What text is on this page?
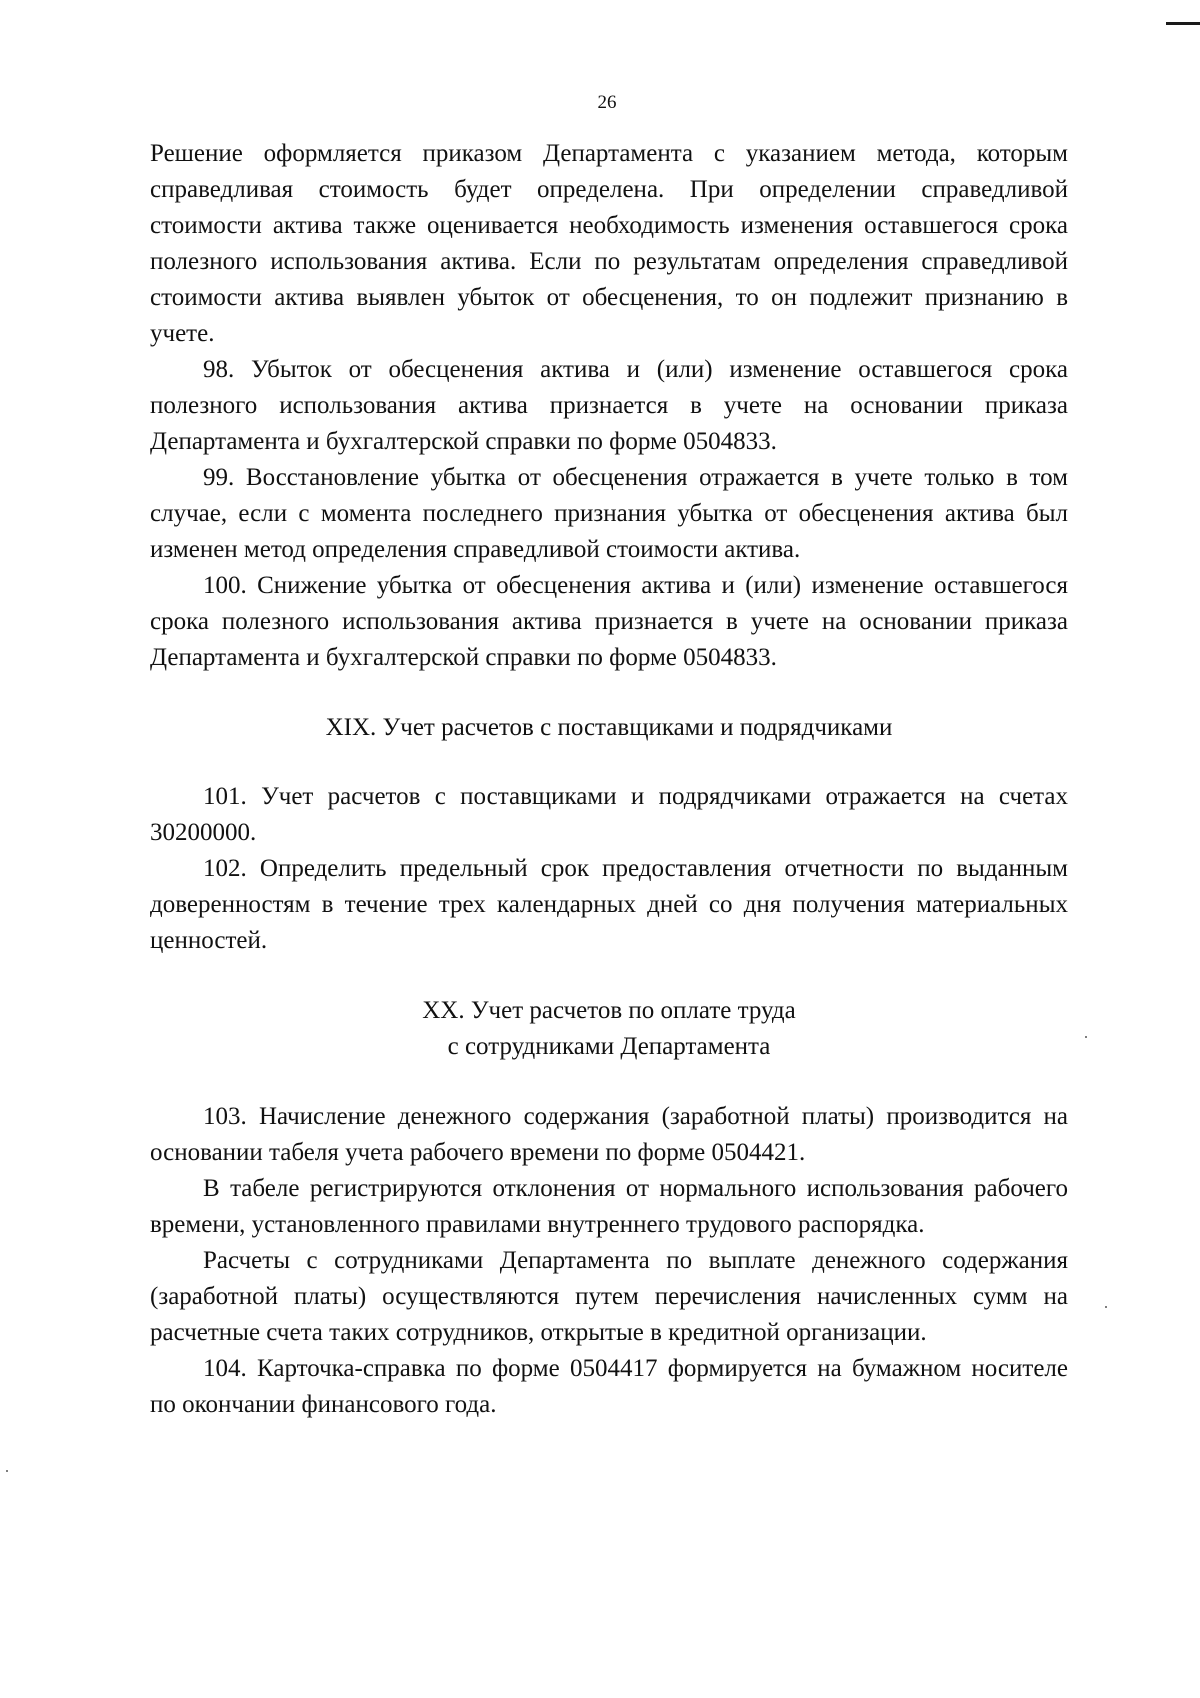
26

Решение оформляется приказом Департамента с указанием метода, которым справедливая стоимость будет определена. При определении справедливой стоимости актива также оценивается необходимость изменения оставшегося срока полезного использования актива. Если по результатам определения справедливой стоимости актива выявлен убыток от обесценения, то он подлежит признанию в учете.

98. Убыток от обесценения актива и (или) изменение оставшегося срока полезного использования актива признается в учете на основании приказа Департамента и бухгалтерской справки по форме 0504833.

99. Восстановление убытка от обесценения отражается в учете только в том случае, если с момента последнего признания убытка от обесценения актива был изменен метод определения справедливой стоимости актива.

100. Снижение убытка от обесценения актива и (или) изменение оставшегося срока полезного использования актива признается в учете на основании приказа Департамента и бухгалтерской справки по форме 0504833.

XIX. Учет расчетов с поставщиками и подрядчиками

101. Учет расчетов с поставщиками и подрядчиками отражается на счетах 30200000.

102. Определить предельный срок предоставления отчетности по выданным доверенностям в течение трех календарных дней со дня получения материальных ценностей.

XX. Учет расчетов по оплате труда
с сотрудниками Департамента

103. Начисление денежного содержания (заработной платы) производится на основании табеля учета рабочего времени по форме 0504421.

В табеле регистрируются отклонения от нормального использования рабочего времени, установленного правилами внутреннего трудового распорядка.

Расчеты с сотрудниками Департамента по выплате денежного содержания (заработной платы) осуществляются путем перечисления начисленных сумм на расчетные счета таких сотрудников, открытые в кредитной организации.

104. Карточка-справка по форме 0504417 формируется на бумажном носителе по окончании финансового года.
